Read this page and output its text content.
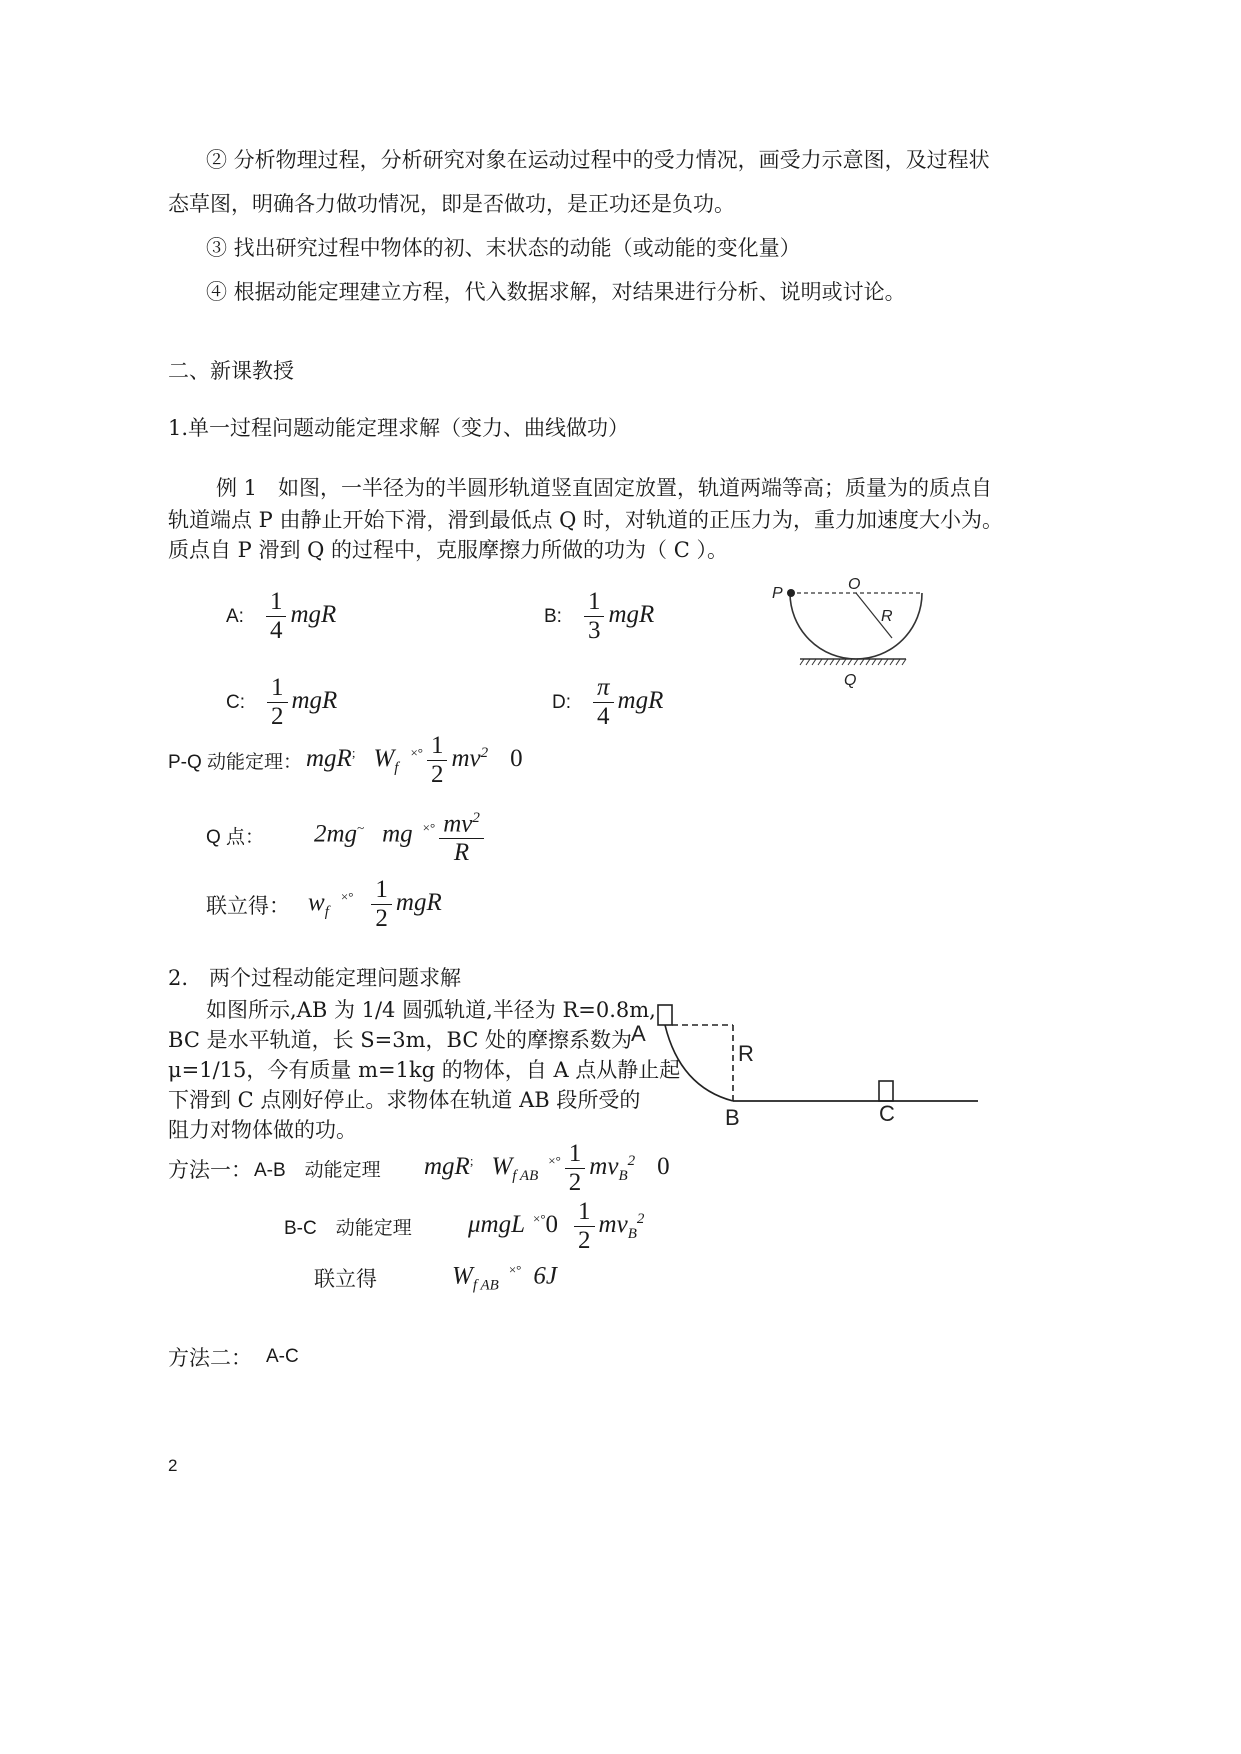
② 分析物理过程，分析研究对象在运动过程中的受力情况，画受力示意图，及过程状
态草图，明确各力做功情况，即是否做功，是正功还是负功。
③ 找出研究过程中物体的初、末状态的动能（或动能的变化量）
④ 根据动能定理建立方程，代入数据求解，对结果进行分析、说明或讨论。
二、新课教授
1.单一过程问题动能定理求解（变力、曲线做功）
例 1　如图，一半径为的半圆形轨道竖直固定放置，轨道两端等高；质量为的质点自
轨道端点 P 由静止开始下滑，滑到最低点 Q 时，对轨道的正压力为，重力加速度大小为。
质点自 P 滑到 Q 的过程中，克服摩擦力所做的功为（ C ）。
A: $\frac{1}{4}$ mgR	B: $\frac{1}{3}$ mgR
C: $\frac{1}{2}$ mgR	D: $\frac{\pi}{4}$ mgR
P
O
R
Q
P-Q 动能定理： mgR; $W_f^{\times^\circ} \frac{1}{2} mv^2$ 0
Q 点：	2mg~ mg $^{\times^\circ} \frac{mv^2}{R}$
联立得： $w_f^{\times^\circ} \frac{1}{2}$ mgR
2.　两个过程动能定理问题求解
如图所示,AB 为 1/4 圆弧轨道,半径为 R=0.8m,
BC 是水平轨道，长 S=3m，BC 处的摩擦系数为
μ=1/15，今有质量 m=1kg 的物体，自 A 点从静止起
下滑到 C 点刚好停止。求物体在轨道 AB 段所受的
阻力对物体做的功。
A
R
B	C
方法一： A-B　动能定理	mgR; $W_{f AB}^{\times^\circ} \frac{1}{2} mv_B^2$ 0
B-C　动能定理	μmgL $^{\times^\circ}0 \frac{1}{2} mv_B^2$
联立得	$W_{f AB}^{\times^\circ}$ 6J
方法二： A-C
2
